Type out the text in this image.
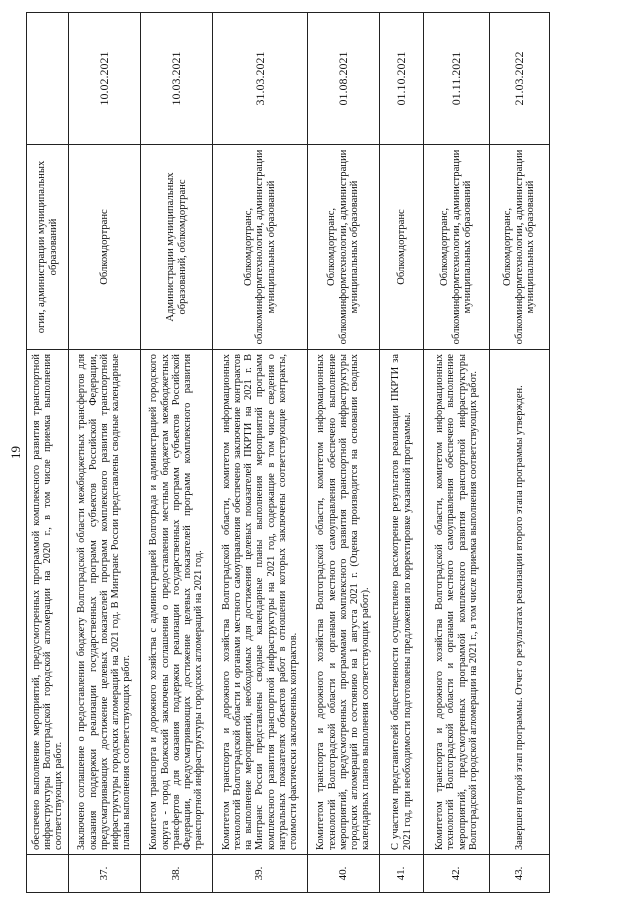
19
	обеспечено выполнение мероприятий, предусмотренных программой комплексного развития транспортной инфраструктуры Волгоградской городской агломерации на 2020 г., в том числе приемка выполнения соответствующих работ.	огии, администрации муниципальных образований	
37.	Заключено соглашение о предоставлении бюджету Волгоградской области межбюджетных трансфертов для оказания поддержки реализации государственных программ субъектов Российской Федерации, предусматривающих достижение целевых показателей программ комплексного развития транспортной инфраструктуры городских агломераций на 2021 год. В Минтранс России представлены сводные календарные планы выполнения соответствующих работ.	Облкомдортранс	10.02.2021
38.	Комитетом транспорта и дорожного хозяйства с администрацией Волгограда и администрацией городского округа - город Волжский заключены соглашения о предоставлении местным бюджетам межбюджетных трансфертов для оказания поддержки реализации государственных программ субъектов Российской Федерации, предусматривающих достижение целевых показателей программ комплексного развития транспортной инфраструктуры городских агломераций на 2021 год.	Администрации муниципальных образований, облкомдортранс	10.03.2021
39.	Комитетом транспорта и дорожного хозяйства Волгоградской области, комитетом информационных технологий Волгоградской области и органами местного самоуправления обеспечено заключение контрактов на выполнение мероприятий, необходимых для достижения целевых показателей ПКРТИ на 2021 г. В Минтранс России представлены сводные календарные планы выполнения мероприятий программ комплексного развития транспортной инфраструктуры на 2021 год, содержащие в том числе сведения о натуральных показателях объектов работ в отношении которых заключены соответствующие контракты, стоимости фактически заключенных контрактов.	Облкомдортранс, облкоминформтехнологии, администрации муниципальных образований	31.03.2021
40.	Комитетом транспорта и дорожного хозяйства Волгоградской области, комитетом информационных технологий Волгоградской области и органами местного самоуправления обеспечено выполнение мероприятий, предусмотренных программами комплексного развития транспортной инфраструктуры городских агломераций по состоянию на 1 августа 2021 г. (Оценка производится на основании сводных календарных планов выполнения соответствующих работ).	Облкомдортранс, облкоминформтехнологии, администрации муниципальных образований	01.08.2021
41.	С участием представителей общественности осуществлено рассмотрение результатов реализации ПКРТИ за 2021 год, при необходимости подготовлены предложения по корректировке указанной программы.	Облкомдортранс	01.10.2021
42.	Комитетом транспорта и дорожного хозяйства Волгоградской области, комитетом информационных технологий Волгоградской области и органами местного самоуправления обеспечено выполнение мероприятий, предусмотренных программой комплексного развития транспортной инфраструктуры Волгоградской городской агломерации на 2021 г., в том числе приемка выполнения соответствующих работ.	Облкомдортранс, облкоминформтехнологии, администрации муниципальных образований	01.11.2021
43.	Завершен второй этап программы. Отчет о результатах реализации второго этапа программы утвержден.	Облкомдортранс, облкоминформтехнологии, администрации муниципальных образований	21.03.2022
